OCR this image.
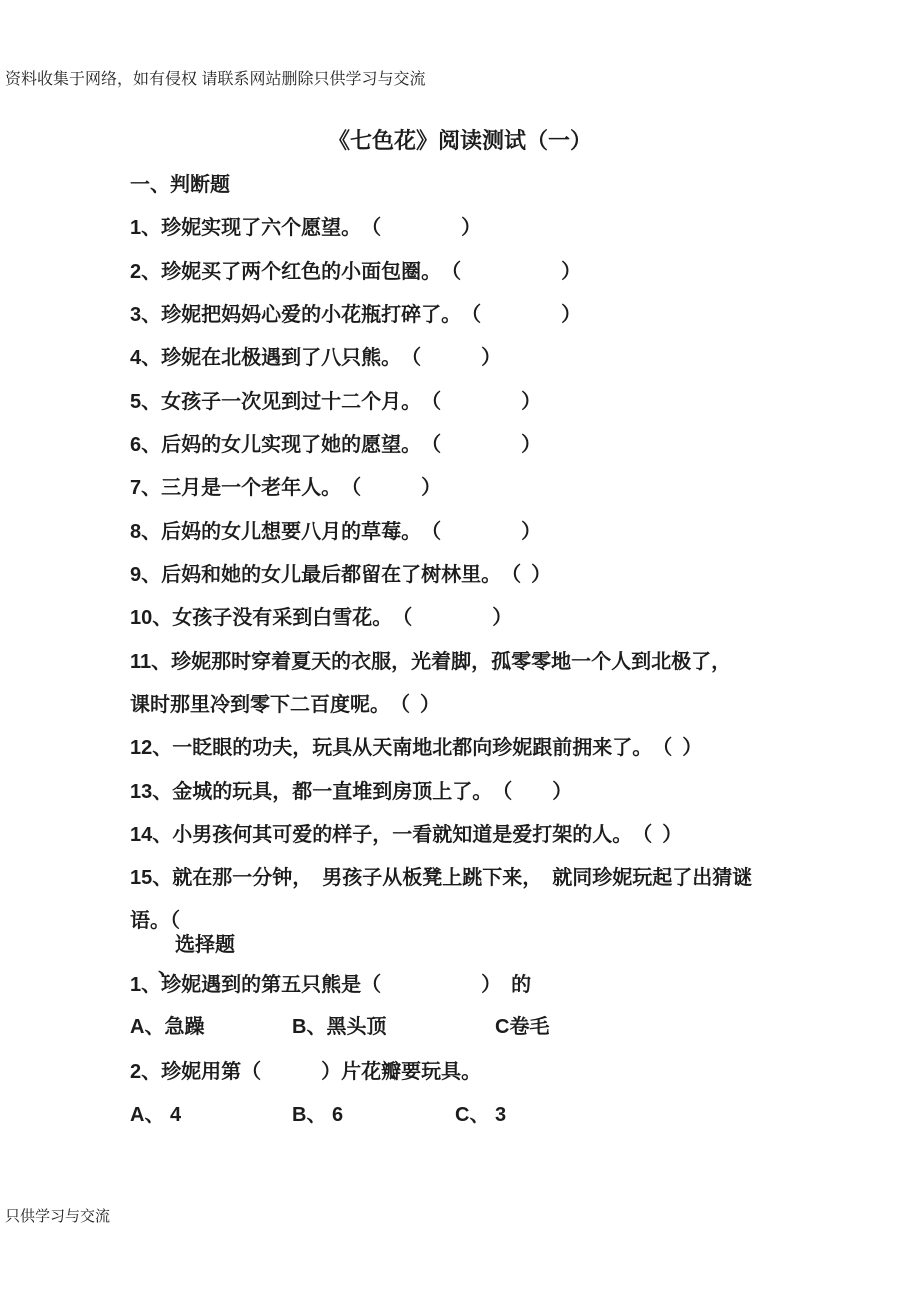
资料收集于网络，如有侵权 请联系网站删除只供学习与交流
《七色花》阅读测试（一）
一、判断题
1、珍妮实现了六个愿望。　（　　　　）
2、珍妮买了两个红色的小面包圈。　（　　　　　）
3、珍妮把妈妈心爱的小花瓶打碎了。　（　　　　）
4、珍妮在北极遇到了八只熊。　（　　　）
5、女孩子一次见到过十二个月。　（　　　　）
6、后妈的女儿实现了她的愿望。　（　　　　）
7、三月是一个老年人。　（　　　）
8、后妈的女儿想要八月的草莓。　（　　　　）
9、后妈和她的女儿最后都留在了树林里。　（ ）
10、女孩子没有采到白雪花。　（　　　　）
11、珍妮那时穿着夏天的衣服，光着脚，孤零零地一个人到北极了，
课时那里冷到零下二百度呢。　（ ）
12、一眨眼的功夫，玩具从天南地北都向珍妮跟前拥来了。　（ ）
13、金城的玩具，都一直堆到房顶上了。　（　　）
14、小男孩何其可爱的样子，一看就知道是爱打架的人。　（ ）
15、就在那一分钟，　男孩子从板凳上跳下来，　就同珍妮玩起了出猜谜
语。（
选择题
、
1、珍妮遇到的第五只熊是（　　　　　） 的
A、急躁	B、黑头顶	C卷毛
2、珍妮用第（　　　）片花瓣要玩具。
A、 4	B、 6	C、 3
只供学习与交流
